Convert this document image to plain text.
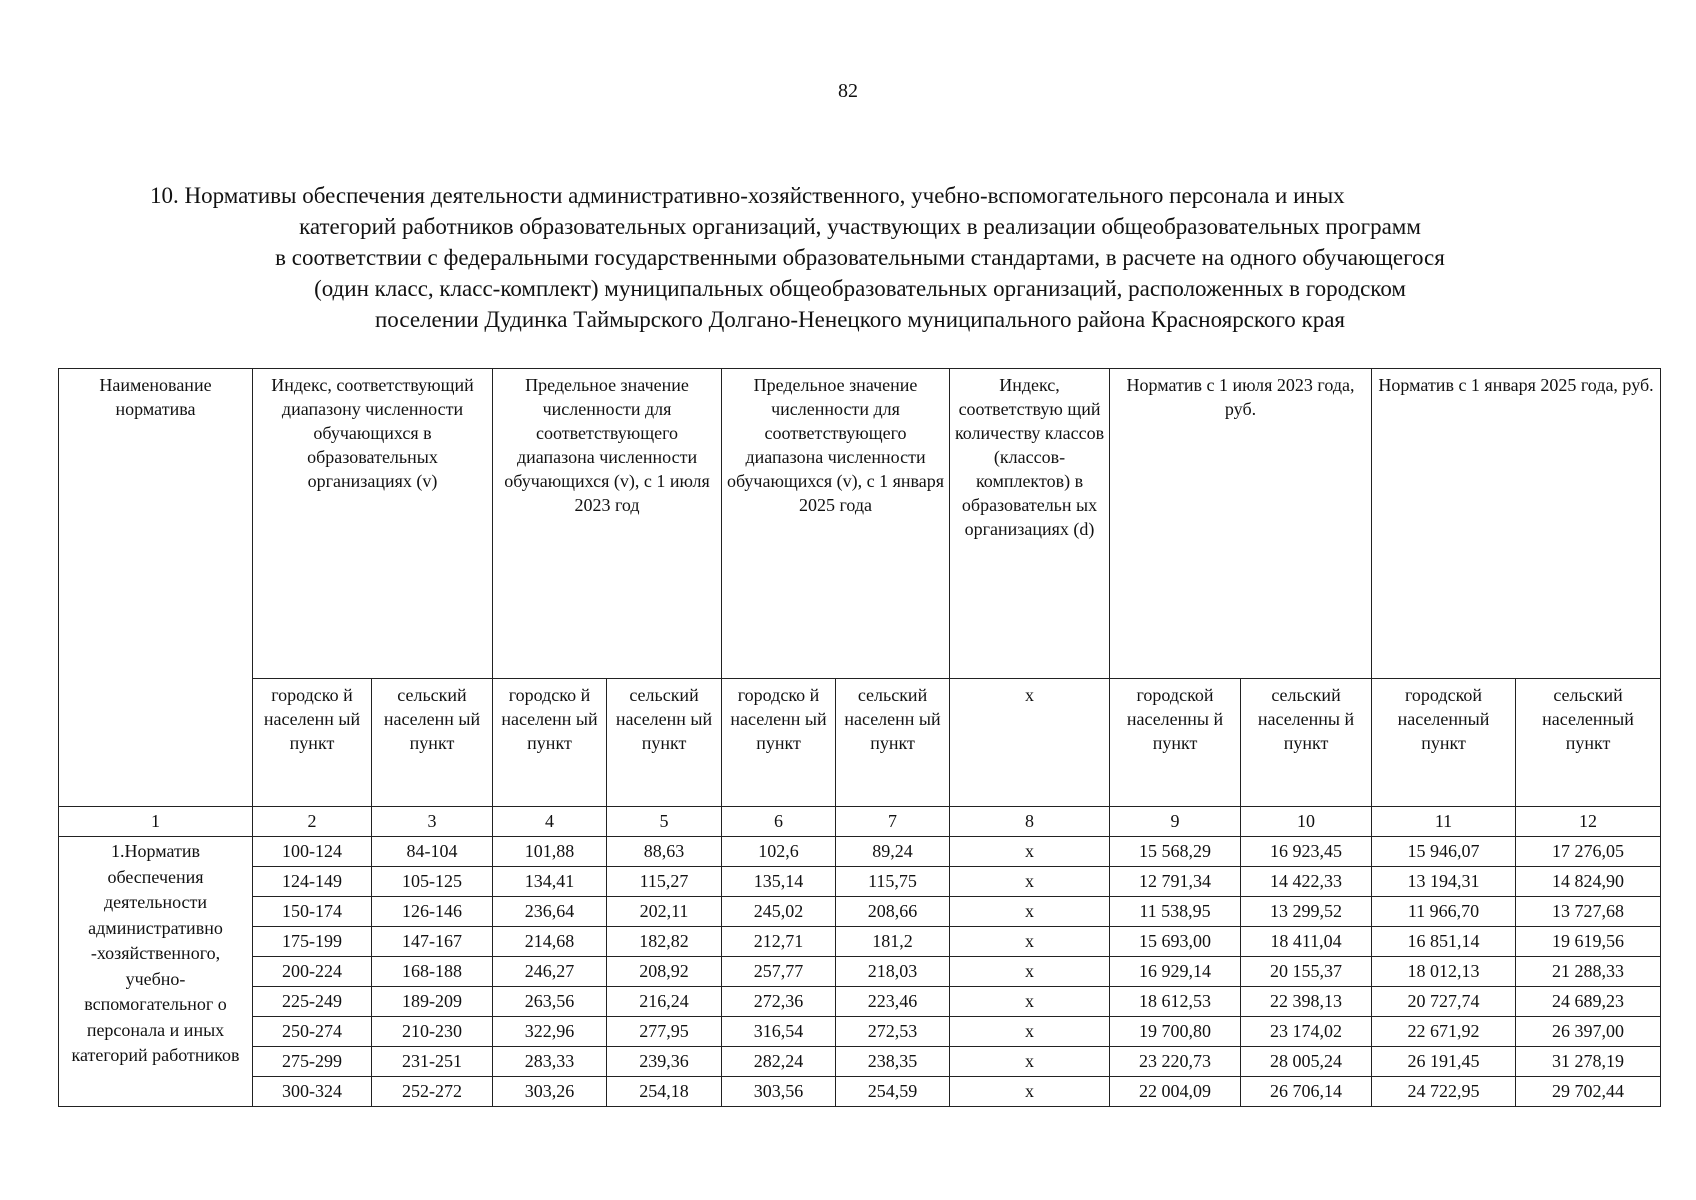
82
10. Нормативы обеспечения деятельности административно-хозяйственного, учебно-вспомогательного персонала и иных
категорий работников образовательных организаций, участвующих в реализации общеобразовательных программ
в соответствии с федеральными государственными образовательными стандартами, в расчете на одного обучающегося
(один класс, класс-комплект) муниципальных общеобразовательных организаций, расположенных в городском
поселении Дудинка Таймырского Долгано-Ненецкого муниципального района Красноярского края
Наименование норматива	Индекс, соответствующий диапазону численности обучающихся в образовательных организациях (v)		Предельное значение численности для соответствующего диапазона численности обучающихся (v), с 1 июля 2023 год		Предельное значение численности для соответствующего диапазона численности обучающихся (v), с 1 января 2025 года		Индекс, соответствую щий количеству классов (классов-комплектов) в образовательн ых организациях (d)	Норматив с 1 июля 2023 года, руб.		Норматив с 1 января 2025 года, руб.	
	городско й населенн ый пункт	сельский населенн ый пункт	городско й населенн ый пункт	сельский населенн ый пункт	городско й населенн ый пункт	сельский населенн ый пункт	х	городской населенны й пункт	сельский населенны й пункт	городской населенный пункт	сельский населенный пункт
1	2	3	4	5	6	7	8	9	10	11	12
1.Норматив обеспечения деятельности административно -хозяйственного, учебно-вспомогательног о персонала и иных категорий работников	100-124	84-104	101,88	88,63	102,6	89,24	х	15 568,29	16 923,45	15 946,07	17 276,05
	124-149	105-125	134,41	115,27	135,14	115,75	х	12 791,34	14 422,33	13 194,31	14 824,90
	150-174	126-146	236,64	202,11	245,02	208,66	х	11 538,95	13 299,52	11 966,70	13 727,68
	175-199	147-167	214,68	182,82	212,71	181,2	х	15 693,00	18 411,04	16 851,14	19 619,56
	200-224	168-188	246,27	208,92	257,77	218,03	х	16 929,14	20 155,37	18 012,13	21 288,33
	225-249	189-209	263,56	216,24	272,36	223,46	х	18 612,53	22 398,13	20 727,74	24 689,23
	250-274	210-230	322,96	277,95	316,54	272,53	х	19 700,80	23 174,02	22 671,92	26 397,00
	275-299	231-251	283,33	239,36	282,24	238,35	х	23 220,73	28 005,24	26 191,45	31 278,19
	300-324	252-272	303,26	254,18	303,56	254,59	х	22 004,09	26 706,14	24 722,95	29 702,44
